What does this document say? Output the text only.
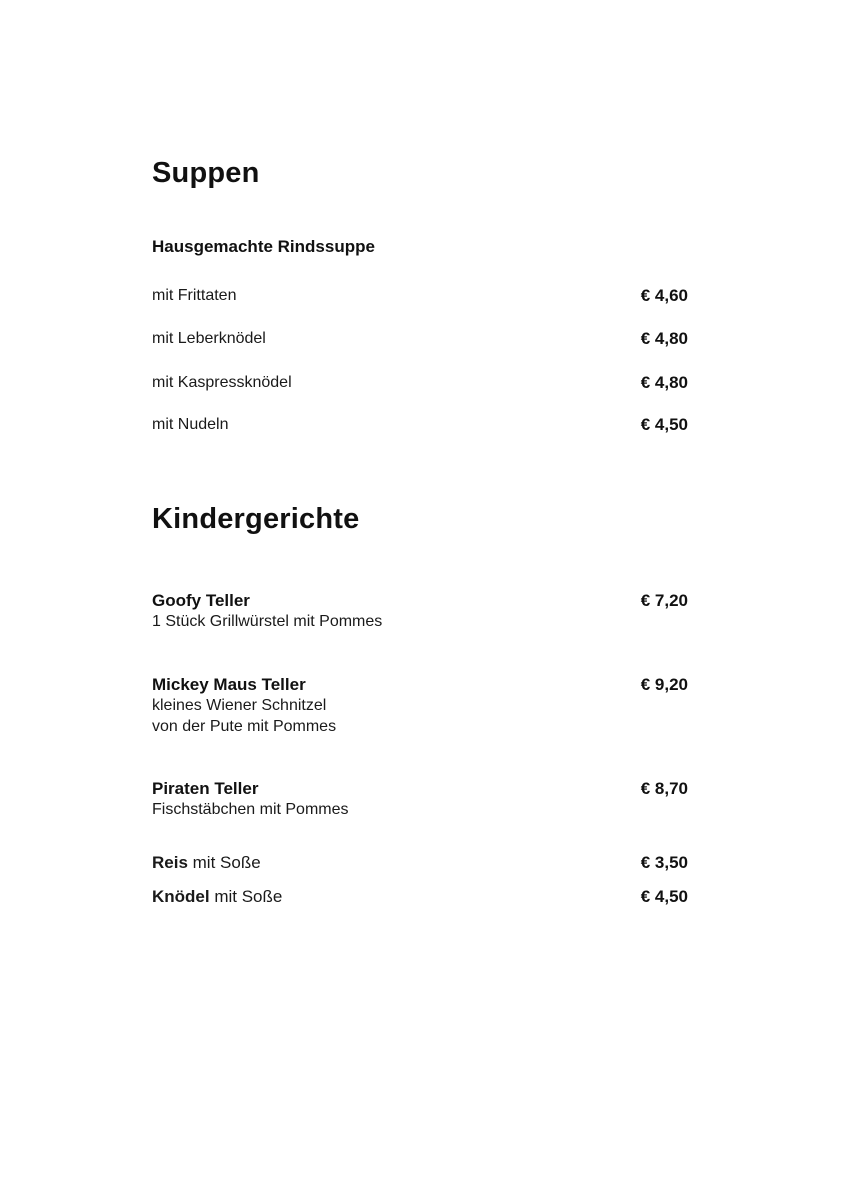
Suppen
Hausgemachte Rindssuppe
mit Frittaten	€ 4,60
mit Leberknödel	€ 4,80
mit Kaspressknödel	€ 4,80
mit Nudeln	€ 4,50
Kindergerichte
Goofy Teller	€ 7,20
1 Stück Grillwürstel mit Pommes
Mickey Maus Teller	€ 9,20
kleines Wiener Schnitzel
von der Pute mit Pommes
Piraten Teller	€ 8,70
Fischstäbchen mit Pommes
Reis mit Soße	€ 3,50
Knödel mit Soße	€ 4,50
